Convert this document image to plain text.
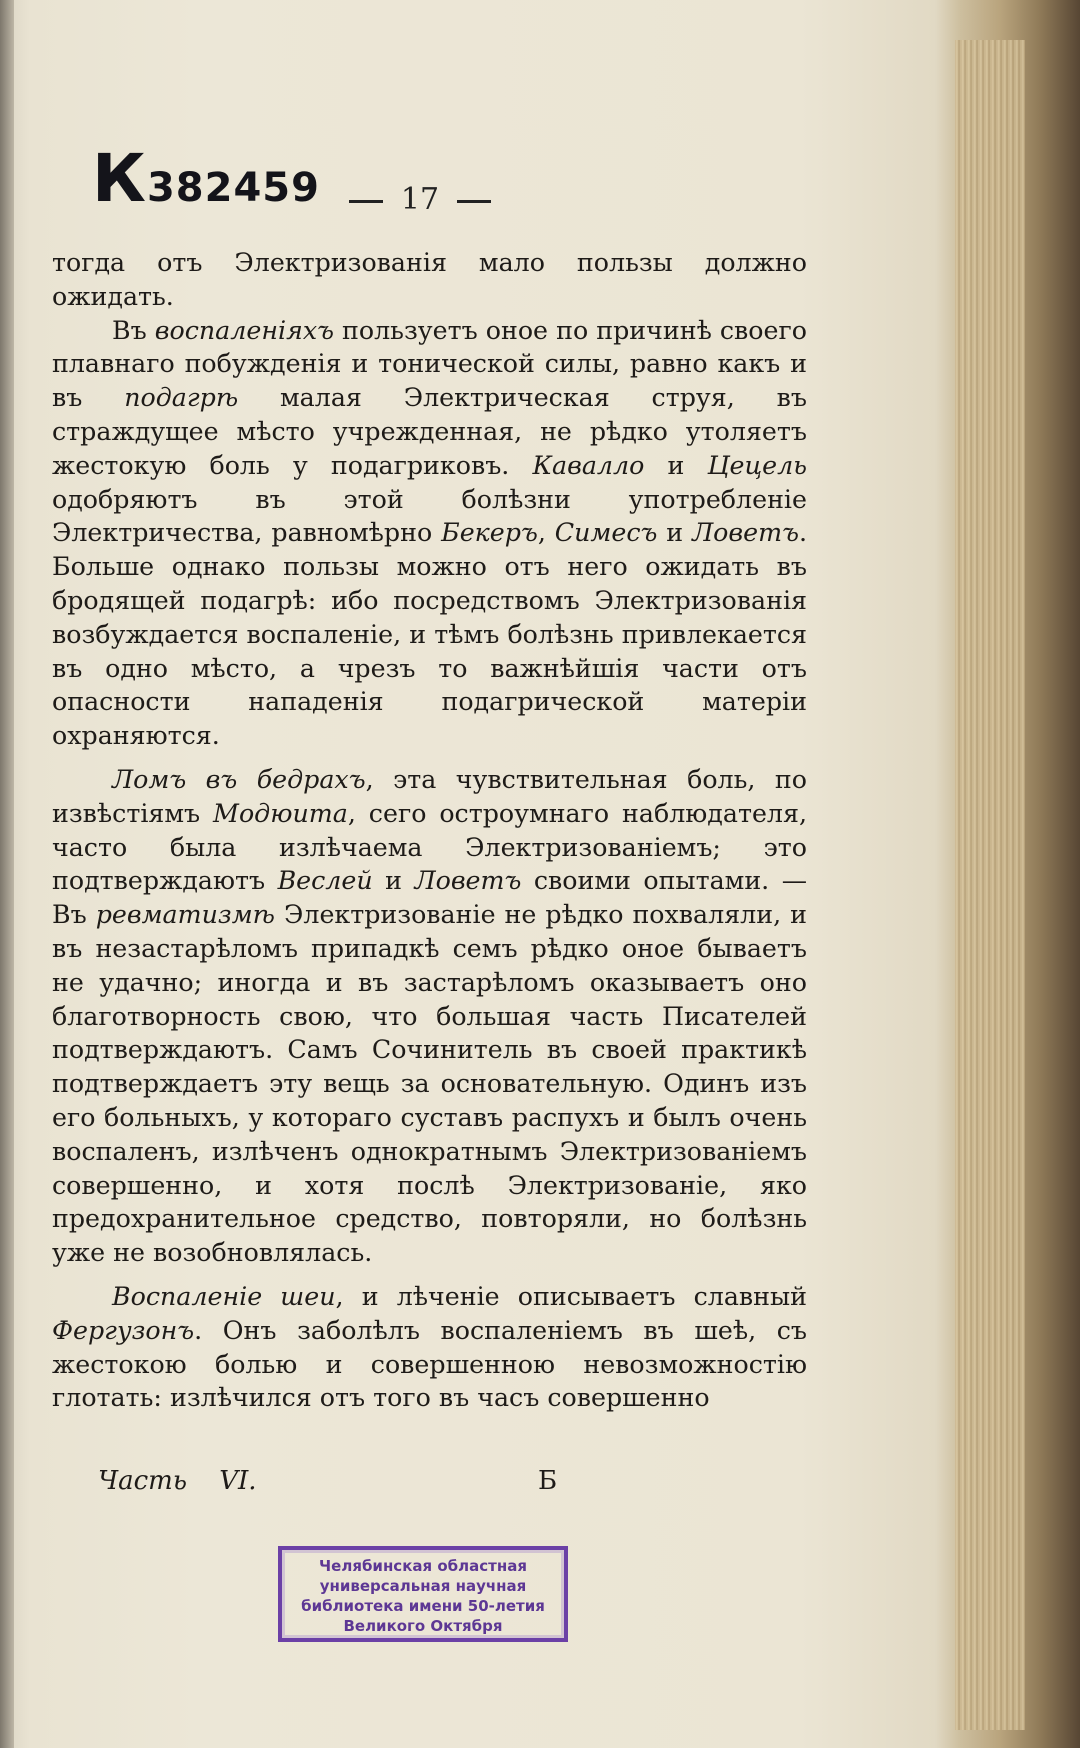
К382459	17

тогда отъ Электризованія мало пользы должно ожидать.

Въ воспаленіяхъ пользуетъ оное по причинѣ своего плавнаго побужденія и тонической силы, равно какъ и въ подагрѣ малая Электрическая струя, въ страждущее мѣсто учрежденная, не рѣдко утоляетъ жестокую боль у подагриковъ. Кавалло и Цецель одобряютъ въ этой болѣзни употребленіе Электричества, равномѣрно Бекеръ, Симесъ и Ловетъ. Больше однако пользы можно отъ него ожидать въ бродящей подагрѣ: ибо посредствомъ Электризованія возбуждается воспаленіе, и тѣмъ болѣзнь привлекается въ одно мѣсто, а чрезъ то важнѣйшія части отъ опасности нападенія подагрической матеріи охраняются.

Ломъ въ бедрахъ, эта чувствительная боль, по извѣстіямъ Модюита, сего остроумнаго наблюдателя, часто была излѣчаема Электризованіемъ; это подтверждаютъ Веслей и Ловетъ своими опытами. — Въ ревматизмѣ Электризованіе не рѣдко похваляли, и въ незастарѣломъ припадкѣ семъ рѣдко оное бываетъ не удачно; иногда и въ застарѣломъ оказываетъ оно благотворность свою, что большая часть Писателей подтверждаютъ. Самъ Сочинитель въ своей практикѣ подтверждаетъ эту вещь за основательную. Одинъ изъ его больныхъ, у котораго суставъ распухъ и былъ очень воспаленъ, излѣченъ однократнымъ Электризованіемъ совершенно, и хотя послѣ Электризованіе, яко предохранительное средство, повторяли, но болѣзнь уже не возобновлялась.

Воспаленіе шеи, и лѣченіе описываетъ славный Фергузонъ. Онъ заболѣлъ воспаленіемъ въ шеѣ, съ жестокою болью и совершенною невозможностію глотать: излѣчился отъ того въ часъ совершенно

Часть VI.	Б
Челябинская областная
универсальная научная
библиотека имени 50-летия
Великого Октября
